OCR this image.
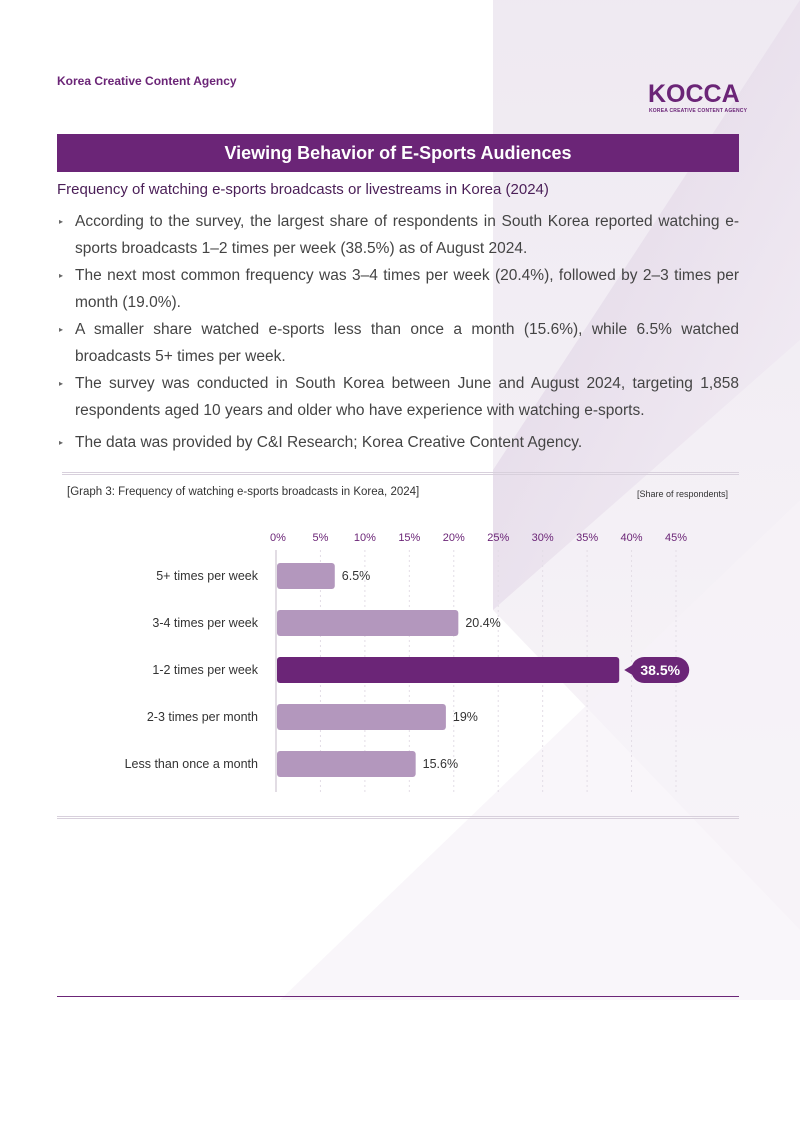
Korea Creative Content Agency	KOCCA
KOREA CREATIVE CONTENT AGENCY
Viewing Behavior of E-Sports Audiences
Frequency of watching e-sports broadcasts or livestreams in Korea (2024)
▸ According to the survey, the largest share of respondents in South Korea reported watching e-sports broadcasts 1–2 times per week (38.5%) as of August 2024.
▸ The next most common frequency was 3–4 times per week (20.4%), followed by 2–3 times per month (19.0%).
▸ A smaller share watched e-sports less than once a month (15.6%), while 6.5% watched broadcasts 5+ times per week.
▸ The survey was conducted in South Korea between June and August 2024, targeting 1,858 respondents aged 10 years and older who have experience with watching e-sports.
▸ The data was provided by C&I Research; Korea Creative Content Agency.
[Graph 3: Frequency of watching e-sports broadcasts in Korea, 2024]	[Share of respondents]
0% 5% 10% 15% 20% 25% 30% 35% 40% 45%
5+ times per week	6.5%
3-4 times per week	20.4%
1-2 times per week	38.5%
2-3 times per month	19%
Less than once a month	15.6%
